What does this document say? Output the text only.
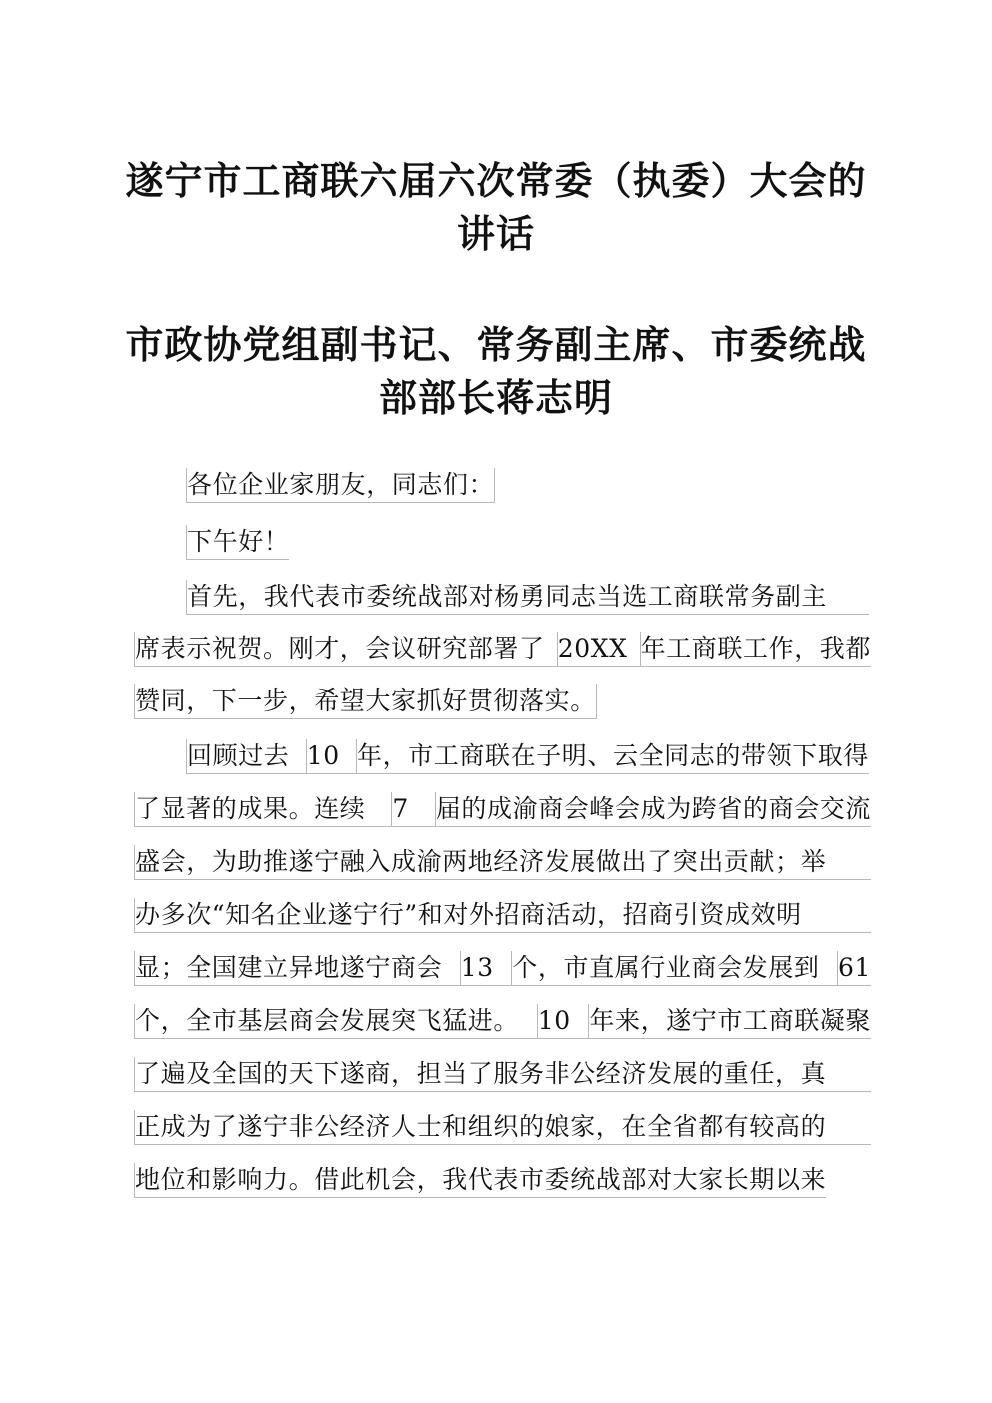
遂宁市工商联六届六次常委（执委）大会的讲话
市政协党组副书记、常务副主席、市委统战部部长蒋志明
各位企业家朋友，同志们：
下午好！
首先，我代表市委统战部对杨勇同志当选工商联常务副主
席表示祝贺。刚才，会议研究部署了 20XX 年工商联工作，我都
赞同，下一步，希望大家抓好贯彻落实。
回顾过去 10 年，市工商联在子明、云全同志的带领下取得
了显著的成果。连续 7 届的成渝商会峰会成为跨省的商会交流
盛会，为助推遂宁融入成渝两地经济发展做出了突出贡献；举
办多次“知名企业遂宁行”和对外招商活动，招商引资成效明
显；全国建立异地遂宁商会 13 个，市直属行业商会发展到 61
个，全市基层商会发展突飞猛进。 10 年来，遂宁市工商联凝聚
了遍及全国的天下遂商，担当了服务非公经济发展的重任，真
正成为了遂宁非公经济人士和组织的娘家，在全省都有较高的
地位和影响力。借此机会，我代表市委统战部对大家长期以来
